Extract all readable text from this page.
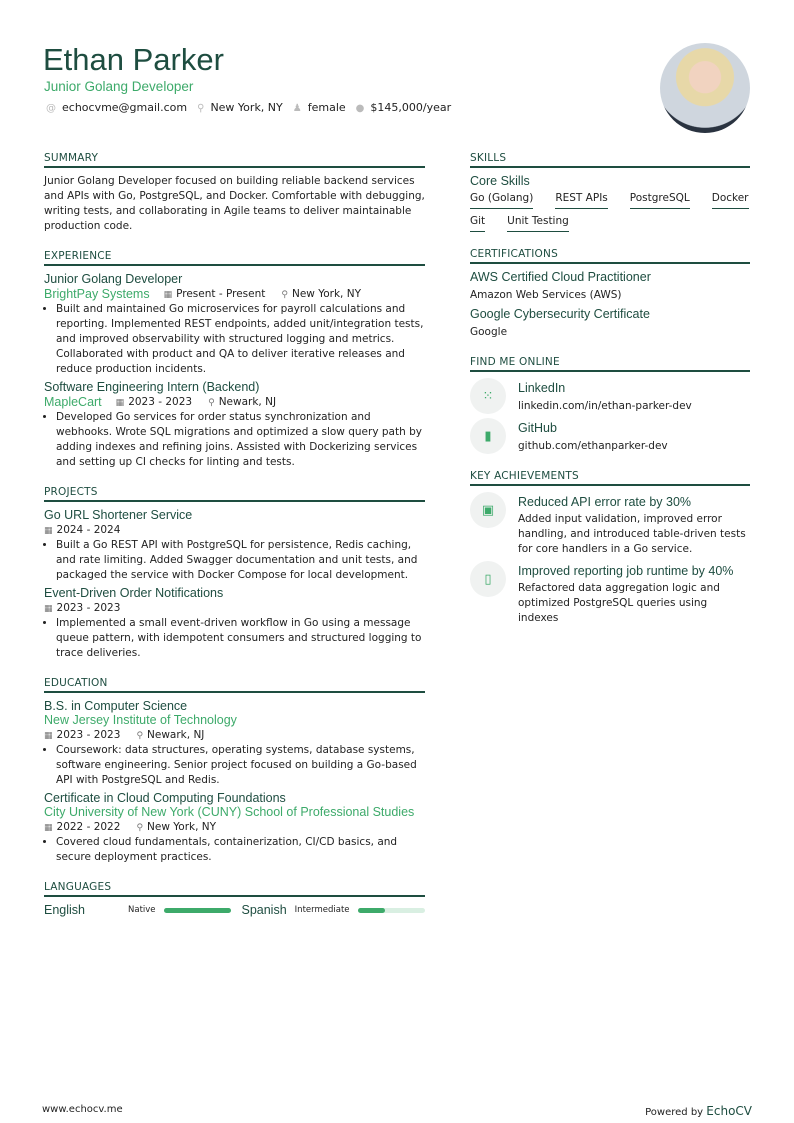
Ethan Parker
Junior Golang Developer
@ echocvme@gmail.com ⚲ New York, NY ♟ female ● $145,000/year
SUMMARY
Junior Golang Developer focused on building reliable backend services and APIs with Go, PostgreSQL, and Docker. Comfortable with debugging, writing tests, and collaborating in Agile teams to deliver maintainable production code.
EXPERIENCE
Junior Golang Developer
BrightPay Systems ▦ Present - Present ⚲ New York, NY
• Built and maintained Go microservices for payroll calculations and reporting. Implemented REST endpoints, added unit/integration tests, and improved observability with structured logging and metrics. Collaborated with product and QA to deliver iterative releases and reduce production incidents.
Software Engineering Intern (Backend)
MapleCart ▦ 2023 - 2023 ⚲ Newark, NJ
• Developed Go services for order status synchronization and webhooks. Wrote SQL migrations and optimized a slow query path by adding indexes and refining joins. Assisted with Dockerizing services and setting up CI checks for linting and tests.
PROJECTS
Go URL Shortener Service
▦ 2024 - 2024
• Built a Go REST API with PostgreSQL for persistence, Redis caching, and rate limiting. Added Swagger documentation and unit tests, and packaged the service with Docker Compose for local development.
Event-Driven Order Notifications
▦ 2023 - 2023
• Implemented a small event-driven workflow in Go using a message queue pattern, with idempotent consumers and structured logging to trace deliveries.
EDUCATION
B.S. in Computer Science
New Jersey Institute of Technology
▦ 2023 - 2023 ⚲ Newark, NJ
• Coursework: data structures, operating systems, database systems, software engineering. Senior project focused on building a Go-based API with PostgreSQL and Redis.
Certificate in Cloud Computing Foundations
City University of New York (CUNY) School of Professional Studies
▦ 2022 - 2022 ⚲ New York, NY
• Covered cloud fundamentals, containerization, CI/CD basics, and secure deployment practices.
LANGUAGES
English	Native	Spanish Intermediate
SKILLS
Core Skills
Go (Golang) REST APIs PostgreSQL Docker
Git Unit Testing
CERTIFICATIONS
AWS Certified Cloud Practitioner
Amazon Web Services (AWS)
Google Cybersecurity Certificate
Google
FIND ME ONLINE
⁙
LinkedIn
linkedin.com/in/ethan-parker-dev
▮
GitHub
github.com/ethanparker-dev
KEY ACHIEVEMENTS
▣
Reduced API error rate by 30%
Added input validation, improved error handling, and introduced table-driven tests for core handlers in a Go service.
▯
Improved reporting job runtime by 40%
Refactored data aggregation logic and optimized PostgreSQL queries using indexes
www.echocv.me	Powered by EchoCV
